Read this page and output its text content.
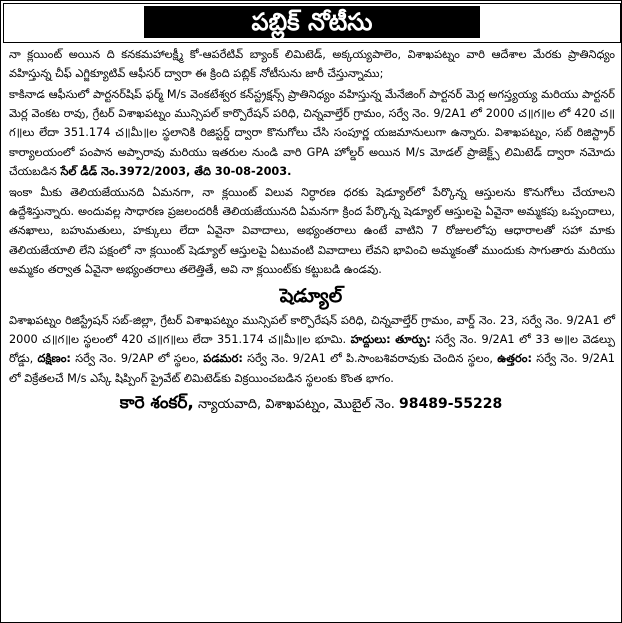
పబ్లిక్ నోటీసు
నా క్లయింట్ అయిన ది కనకమహాలక్ష్మీ కో-ఆపరేటివ్ బ్యాంక్ లిమిటెడ్, అక్కయ్యపాలెం, విశాఖపట్నం వారి ఆదేశాల మేరకు ప్రాతినిధ్యం వహిస్తున్న చీఫ్ ఎగ్జిక్యూటివ్ ఆఫీసర్ ద్వారా ఈ క్రింది పబ్లిక్ నోటీసును జారీ చేస్తున్నాము;
కాకినాడ ఆఫీసులో పార్టనర్‌షిప్ ఫర్మ్ M/s వెంకటేశ్వర కన్‌స్ట్రక్షన్స్ ప్రాతినిధ్యం వహిస్తున్న మేనేజింగ్ పార్టనర్ మెర్ల అగస్త్యయ్య మరియు పార్టనర్ మెర్ల వెంకట రావు, గ్రేటర్ విశాఖపట్నం మున్సిపల్ కార్పొరేషన్ పరిధి, చిన్నవాల్తేర్ గ్రామం, సర్వే నెం. 9/2A1 లో 2000 చ॥గ॥ల లో 420 చ॥గ॥లు లేదా 351.174 చ॥మీ॥ల స్థలానికి రిజిస్టర్డ్ ద్వారా కొనుగోలు చేసి సంపూర్ణ యజమానులుగా ఉన్నారు. విశాఖపట్నం, సబ్ రిజిస్ట్రార్ కార్యాలయంలో పంపాన అప్పారావు మరియు ఇతరుల నుండి వారి GPA హోల్డర్ అయిన M/s మోడల్ ప్రాజెక్ట్స్ లిమిటెడ్ ద్వారా నమోదు చేయబడిన సేల్ డీడ్ నెం.3972/2003, తేది 30-08-2003.
ఇంకా మీకు తెలియజేయునది ఏమనగా, నా క్లయింట్ విలువ నిర్ధారణ ధరకు షెడ్యూల్‌లో పేర్కొన్న ఆస్తులను కొనుగోలు చేయాలని ఉద్దేశిస్తున్నారు. అందువల్ల సాధారణ ప్రజలందరికీ తెలియజేయునది ఏమనగా క్రింద పేర్కొన్న షెడ్యూల్ ఆస్తులపై ఏవైనా అమ్మకపు ఒప్పందాలు, తనఖాలు, బహుమతులు, హక్కులు లేదా ఏవైనా వివాదాలు, అభ్యంతరాలు ఉంటే వాటిని 7 రోజులలోపు ఆధారాలతో సహా మాకు తెలియజేయాలి లేని పక్షంలో నా క్లయింట్ షెడ్యూల్ ఆస్తులపై ఏటువంటి వివాదాలు లేవని భావించి అమ్మకంతో ముందుకు సాగుతారు మరియు అమ్మకం తర్వాత ఏవైనా అభ్యంతరాలు తలెత్తితే, అవి నా క్లయింట్‌కు కట్టుబడి ఉండవు.
షెడ్యూల్
విశాఖపట్నం రిజిస్ట్రేషన్ సబ్-జిల్లా, గ్రేటర్ విశాఖపట్నం మున్సిపల్ కార్పొరేషన్ పరిధి, చిన్నవాల్తేర్ గ్రామం, వార్డ్ నెం. 23, సర్వే నెం. 9/2A1 లో 2000 చ॥గ॥ల స్థలంలో 420 చ॥గ॥లు లేదా 351.174 చ॥మీ॥ల భూమి. హద్దులు: తూర్పు: సర్వే నెం. 9/2A1 లో 33 అ॥ల వెడల్పు రోడ్డు, దక్షిణం: సర్వే నెం. 9/2AP లో స్థలం, పడమర: సర్వే నెం. 9/2A1 లో పి.సాంబశివరావుకు చెందిన స్థలం, ఉత్తరం: సర్వే నెం. 9/2A1 లో విక్రేతలచే M/s ఎస్కే షిప్పింగ్ ప్రైవేట్ లిమిటెడ్‌కు విక్రయించబడిన స్థలంకు కొంత భాగం.
కారె శంకర్, న్యాయవాది, విశాఖపట్నం, మొబైల్ నెం. 98489-55228
